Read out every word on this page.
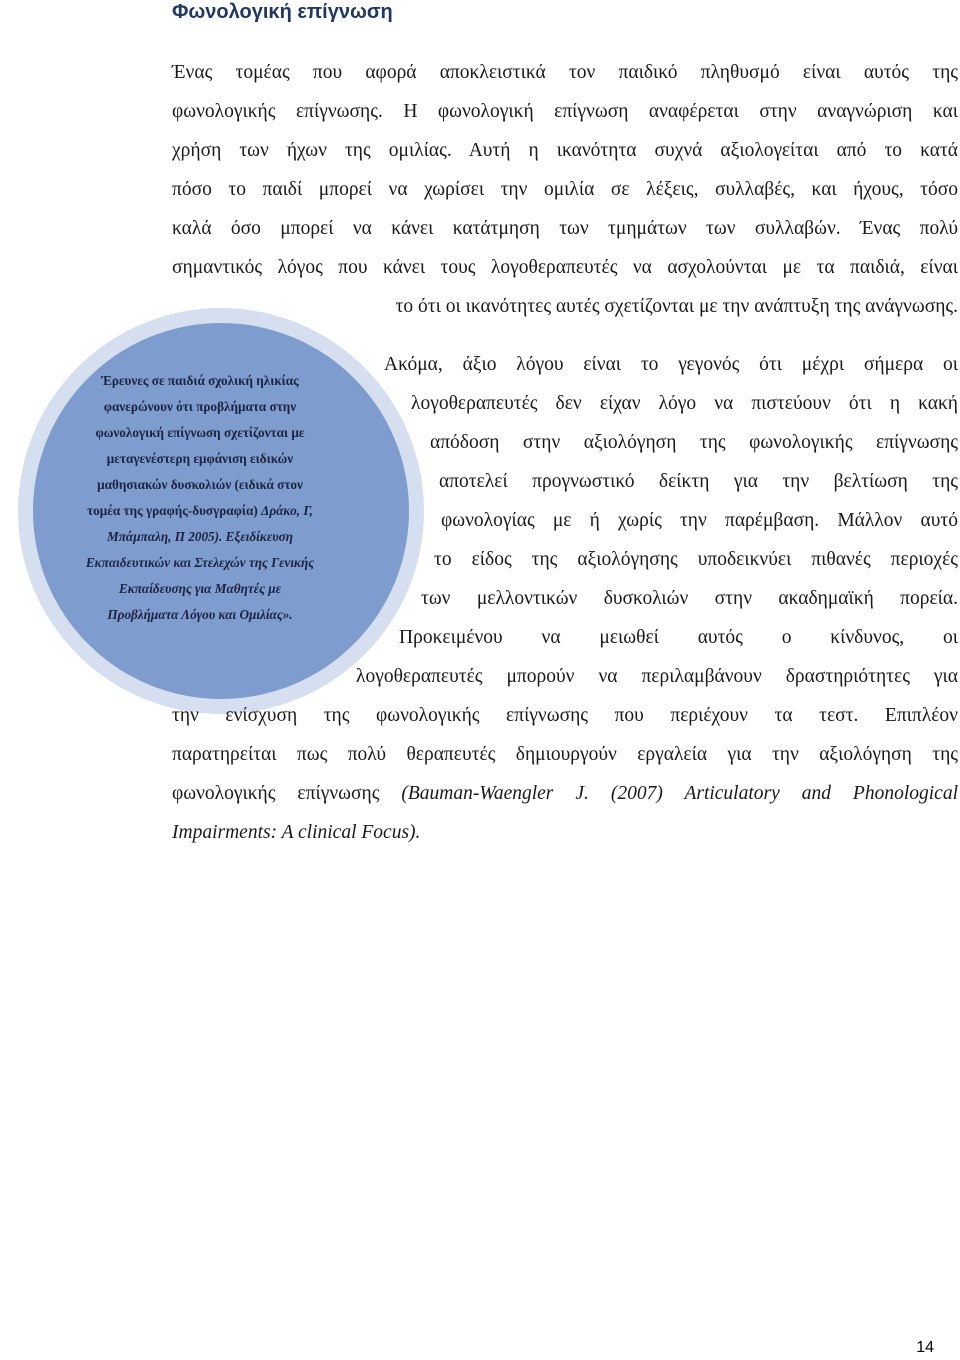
Φωνολογική επίγνωση
Ένας τομέας που αφορά αποκλειστικά τον παιδικό πληθυσμό είναι αυτός της
φωνολογικής επίγνωσης. Η φωνολογική επίγνωση αναφέρεται στην αναγνώριση και
χρήση των ήχων της ομιλίας. Αυτή η ικανότητα συχνά αξιολογείται από το κατά
πόσο το παιδί μπορεί να χωρίσει την ομιλία σε λέξεις, συλλαβές, και ήχους, τόσο
καλά όσο μπορεί να κάνει κατάτμηση των τμημάτων των συλλαβών. Ένας πολύ
σημαντικός λόγος που κάνει τους λογοθεραπευτές να ασχολούνται με τα παιδιά, είναι
το ότι οι ικανότητες αυτές σχετίζονται με την ανάπτυξη της ανάγνωσης.
Έρευνες σε παιδιά σχολική ηλικίας
φανερώνουν ότι προβλήματα στην
φωνολογική επίγνωση σχετίζονται με
μεταγενέστερη εμφάνιση ειδικών
μαθησιακών δυσκολιών (ειδικά στον
τομέα της γραφής-δυσγραφία) Δράκο, Γ,
Μπάμπαλη, Π 2005). Εξειδίκευση
Εκπαιδευτικών και Στελεχών της Γενικής
Εκπαίδευσης για Μαθητές με
Προβλήματα Λόγου και Ομιλίας».
Ακόμα, άξιο λόγου είναι το γεγονός ότι μέχρι σήμερα οι
λογοθεραπευτές δεν είχαν λόγο να πιστεύουν ότι η κακή
απόδοση στην αξιολόγηση της φωνολογικής επίγνωσης
αποτελεί προγνωστικό δείκτη για την βελτίωση της
φωνολογίας με ή χωρίς την παρέμβαση. Μάλλον αυτό
το είδος της αξιολόγησης υποδεικνύει πιθανές περιοχές
των μελλοντικών δυσκολιών στην ακαδημαϊκή πορεία.
Προκειμένου να μειωθεί αυτός ο κίνδυνος, οι
λογοθεραπευτές μπορούν να περιλαμβάνουν δραστηριότητες για
την ενίσχυση της φωνολογικής επίγνωσης που περιέχουν τα τεστ. Επιπλέον
παρατηρείται πως πολύ θεραπευτές δημιουργούν εργαλεία για την αξιολόγηση της
φωνολογικής επίγνωσης (Bauman-Waengler J. (2007) Articulatory and Phonological
Impairments: A clinical Focus).
14
